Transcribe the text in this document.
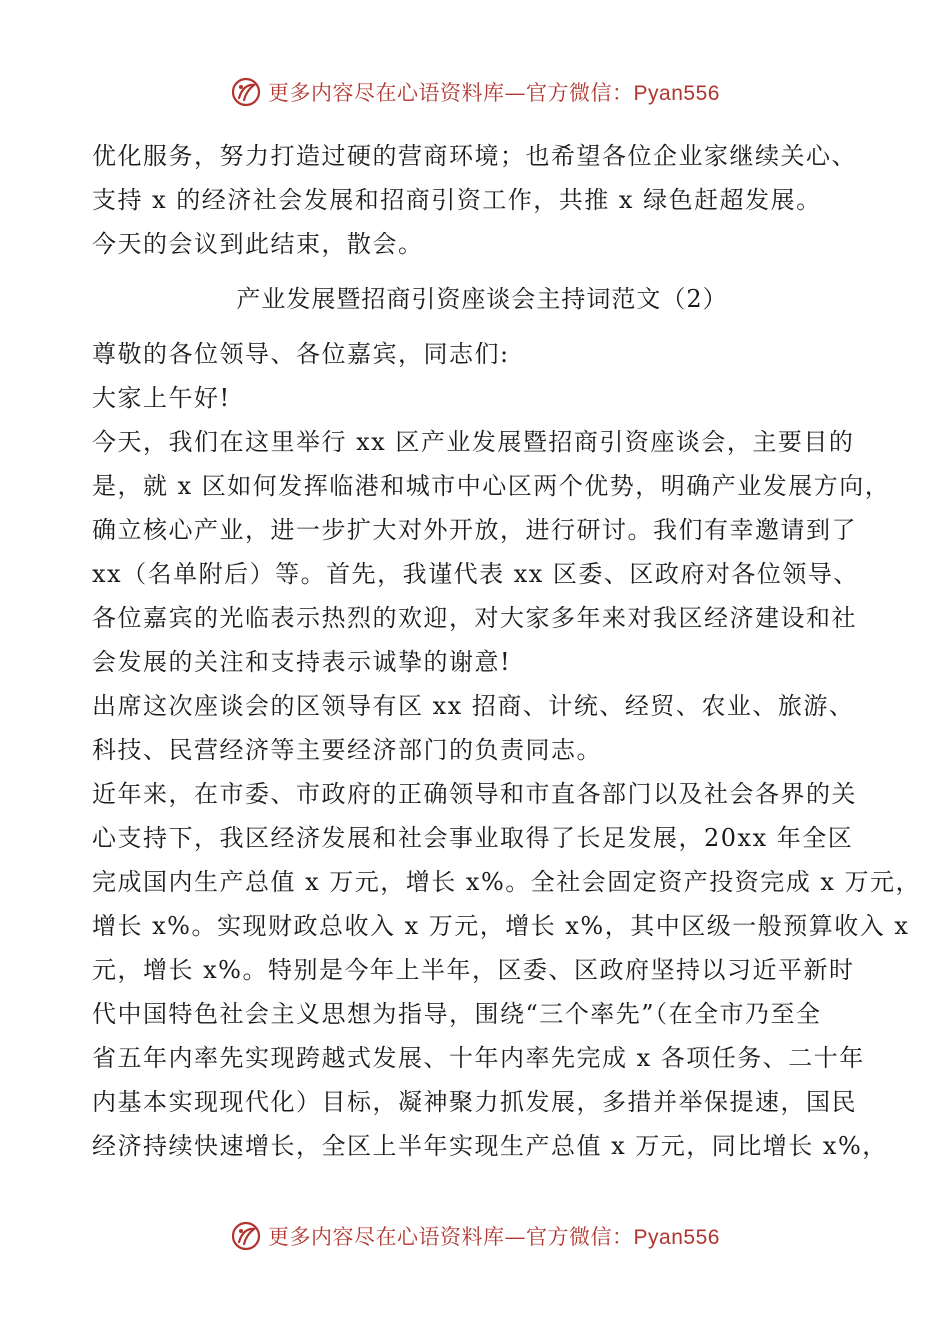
更多内容尽在心语资料库—官方微信：Pyan556
优化服务，努力打造过硬的营商环境；也希望各位企业家继续关心、
支持 x 的经济社会发展和招商引资工作，共推 x 绿色赶超发展。
今天的会议到此结束，散会。
产业发展暨招商引资座谈会主持词范文（2）
尊敬的各位领导、各位嘉宾，同志们:
大家上午好!
今天，我们在这里举行 xx 区产业发展暨招商引资座谈会，主要目的
是，就 x 区如何发挥临港和城市中心区两个优势，明确产业发展方向，
确立核心产业，进一步扩大对外开放，进行研讨。我们有幸邀请到了
xx（名单附后）等。首先，我谨代表 xx 区委、区政府对各位领导、
各位嘉宾的光临表示热烈的欢迎，对大家多年来对我区经济建设和社
会发展的关注和支持表示诚挚的谢意!
出席这次座谈会的区领导有区 xx 招商、计统、经贸、农业、旅游、
科技、民营经济等主要经济部门的负责同志。
近年来，在市委、市政府的正确领导和市直各部门以及社会各界的关
心支持下，我区经济发展和社会事业取得了长足发展，20xx 年全区
完成国内生产总值 x 万元，增长 x%。全社会固定资产投资完成 x 万元，
增长 x%。实现财政总收入 x 万元，增长 x%，其中区级一般预算收入 x
元，增长 x%。特别是今年上半年，区委、区政府坚持以习近平新时
代中国特色社会主义思想为指导，围绕“三个率先”（在全市乃至全
省五年内率先实现跨越式发展、十年内率先完成 x 各项任务、二十年
内基本实现现代化）目标，凝神聚力抓发展，多措并举保提速，国民
经济持续快速增长，全区上半年实现生产总值 x 万元，同比增长 x%，
更多内容尽在心语资料库—官方微信：Pyan556
